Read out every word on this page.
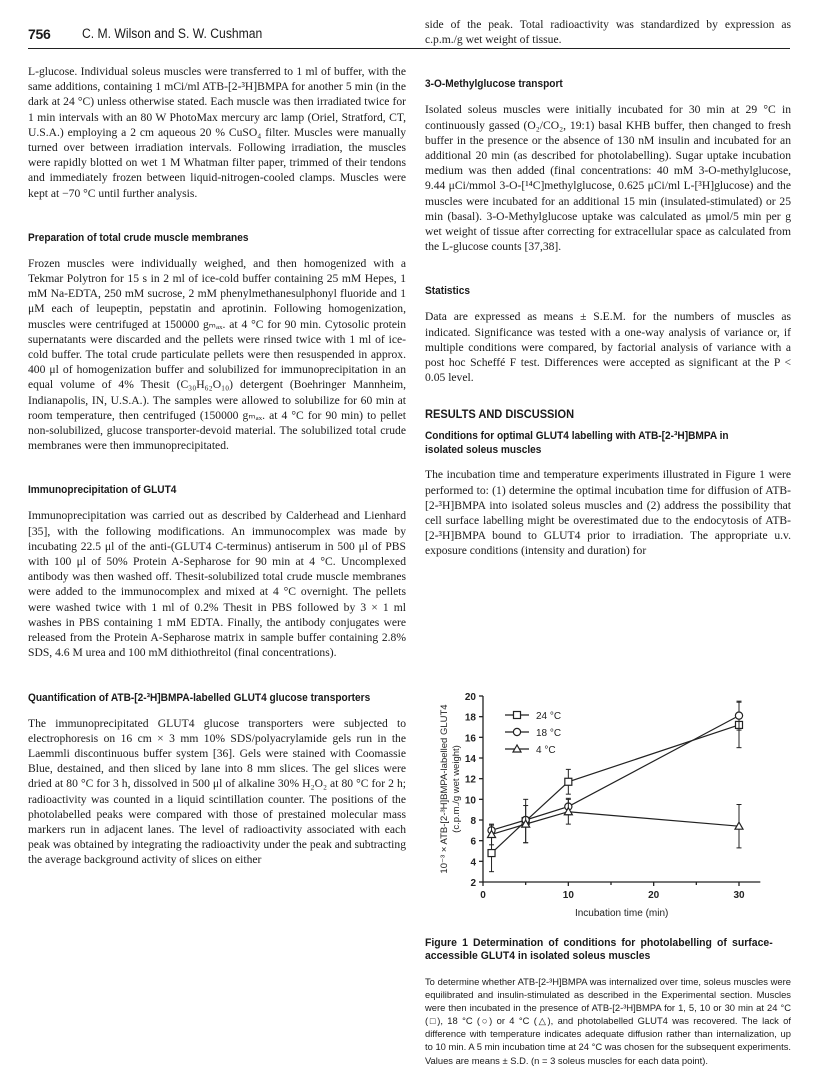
756 C. M. Wilson and S. W. Cushman

L-glucose. Individual soleus muscles were transferred to 1 ml of buffer, with the same additions, containing 1 mCi/ml ATB-[2-³H]BMPA for another 5 min (in the dark at 24 °C) unless otherwise stated. Each muscle was then irradiated twice for 1 min intervals with an 80 W PhotoMax mercury arc lamp (Oriel, Stratford, CT, U.S.A.) employing a 2 cm aqueous 20 % CuSO₄ filter. Muscles were manually turned over between irradiation intervals. Following irradiation, the muscles were rapidly blotted on wet 1 M Whatman filter paper, trimmed of their tendons and immediately frozen between liquid-nitrogen-cooled clamps. Muscles were kept at −70 °C until further analysis.

Preparation of total crude muscle membranes

Frozen muscles were individually weighed, and then homogenized with a Tekmar Polytron for 15 s in 2 ml of ice-cold buffer containing 25 mM Hepes, 1 mM Na-EDTA, 250 mM sucrose, 2 mM phenylmethanesulphonyl fluoride and 1 μM each of leupeptin, pepstatin and aprotinin. Following homogenization, muscles were centrifuged at 150000 gₘₐₓ. at 4 °C for 90 min. Cytosolic protein supernatants were discarded and the pellets were rinsed twice with 1 ml of ice-cold buffer. The total crude particulate pellets were then resuspended in approx. 400 μl of homogenization buffer and solubilized for immunoprecipitation in an equal volume of 4% Thesit (C₃₀H₆₂O₁₀) detergent (Boehringer Mannheim, Indianapolis, IN, U.S.A.). The samples were allowed to solubilize for 60 min at room temperature, then centrifuged (150000 gₘₐₓ. at 4 °C for 90 min) to pellet non-solubilized, glucose transporter-devoid material. The solubilized total crude membranes were then immunoprecipitated.

Immunoprecipitation of GLUT4

Immunoprecipitation was carried out as described by Calderhead and Lienhard [35], with the following modifications. An immunocomplex was made by incubating 22.5 μl of the anti-(GLUT4 C-terminus) antiserum in 500 μl of PBS with 100 μl of 50% Protein A-Sepharose for 90 min at 4 °C. Uncomplexed antibody was then washed off. Thesit-solubilized total crude muscle membranes were added to the immunocomplex and mixed at 4 °C overnight. The pellets were washed twice with 1 ml of 0.2% Thesit in PBS followed by 3 × 1 ml washes in PBS containing 1 mM EDTA. Finally, the antibody conjugates were released from the Protein A-Sepharose matrix in sample buffer containing 2.8% SDS, 4.6 M urea and 100 mM dithiothreitol (final concentrations).

Quantification of ATB-[2-³H]BMPA-labelled GLUT4 glucose transporters

The immunoprecipitated GLUT4 glucose transporters were subjected to electrophoresis on 16 cm × 3 mm 10% SDS/polyacrylamide gels run in the Laemmli discontinuous buffer system [36]. Gels were stained with Coomassie Blue, destained, and then sliced by lane into 8 mm slices. The gel slices were dried at 80 °C for 3 h, dissolved in 500 μl of alkaline 30% H₂O₂ at 80 °C for 2 h; radioactivity was counted in a liquid scintillation counter. The positions of the photolabelled peaks were compared with those of prestained molecular mass markers run in adjacent lanes. The level of radioactivity associated with each peak was obtained by integrating the radioactivity under the peak and subtracting the average background activity of slices on either

side of the peak. Total radioactivity was standardized by expression as c.p.m./g wet weight of tissue.

3-O-Methylglucose transport

Isolated soleus muscles were initially incubated for 30 min at 29 °C in continuously gassed (O₂/CO₂, 19:1) basal KHB buffer, then changed to fresh buffer in the presence or the absence of 130 nM insulin and incubated for an additional 20 min (as described for photolabelling). Sugar uptake incubation medium was then added (final concentrations: 40 mM 3-O-methylglucose, 9.44 μCi/mmol 3-O-[¹⁴C]methylglucose, 0.625 μCi/ml L-[³H]glucose) and the muscles were incubated for an additional 15 min (insulated-stimulated) or 25 min (basal). 3-O-Methylglucose uptake was calculated as μmol/5 min per g wet weight of tissue after correcting for extracellular space as calculated from the L-glucose counts [37,38].

Statistics

Data are expressed as means ± S.E.M. for the numbers of muscles as indicated. Significance was tested with a one-way analysis of variance or, if multiple conditions were compared, by factorial analysis of variance with a post hoc Scheffé F test. Differences were accepted as significant at the P < 0.05 level.

RESULTS AND DISCUSSION
Conditions for optimal GLUT4 labelling with ATB-[2-³H]BMPA in isolated soleus muscles

The incubation time and temperature experiments illustrated in Figure 1 were performed to: (1) determine the optimal incubation time for diffusion of ATB-[2-³H]BMPA into isolated soleus muscles and (2) address the possibility that cell surface labelling might be overestimated due to the endocytosis of ATB-[2-³H]BMPA bound to GLUT4 prior to irradiation. The appropriate u.v. exposure conditions (intensity and duration) for

2
4
6
8
10
12
14
16
18
20
0	10	20	30
Incubation time (min)
10⁻³ × ATB-[2-³H]BMPA-labelled GLUT4 (c.p.m./g wet weight)
24 °C
18 °C
4 °C
Figure 1 Determination of conditions for photolabelling of surface-accessible GLUT4 in isolated soleus muscles
To determine whether ATB-[2-³H]BMPA was internalized over time, soleus muscles were equilibrated and insulin-stimulated as described in the Experimental section. Muscles were then incubated in the presence of ATB-[2-³H]BMPA for 1, 5, 10 or 30 min at 24 °C (□), 18 °C (○) or 4 °C (△), and photolabelled GLUT4 was recovered. The lack of difference with temperature indicates adequate diffusion rather than internalization, up to 10 min. A 5 min incubation time at 24 °C was chosen for the subsequent experiments. Values are means ± S.D. (n = 3 soleus muscles for each data point).
